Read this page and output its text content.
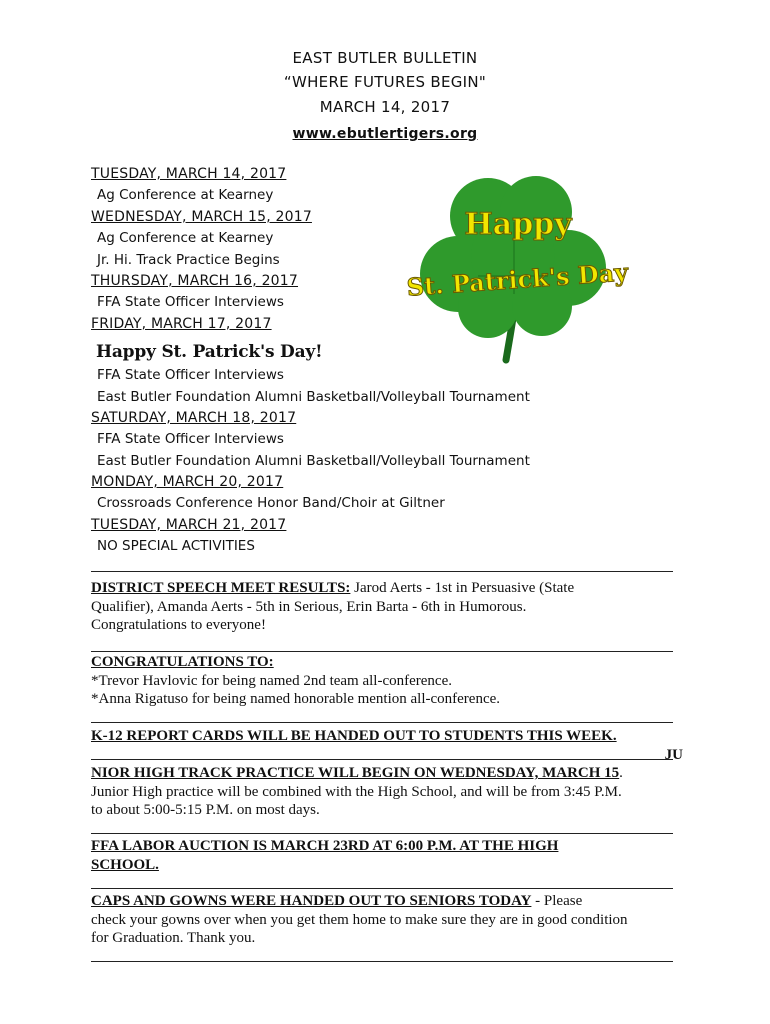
EAST BUTLER BULLETIN
“WHERE FUTURES BEGIN"
MARCH 14, 2017
www.ebutlertigers.org
Happy
St. Patrick's Day
TUESDAY, MARCH 14, 2017
Ag Conference at Kearney
WEDNESDAY, MARCH 15, 2017
Ag Conference at Kearney
Jr. Hi. Track Practice Begins
THURSDAY, MARCH 16, 2017
FFA State Officer Interviews
FRIDAY, MARCH 17, 2017
Happy St. Patrick's Day!
FFA State Officer Interviews
East Butler Foundation Alumni Basketball/Volleyball Tournament
SATURDAY, MARCH 18, 2017
FFA State Officer Interviews
East Butler Foundation Alumni Basketball/Volleyball Tournament
MONDAY, MARCH 20, 2017
Crossroads Conference Honor Band/Choir at Giltner
TUESDAY, MARCH 21, 2017
NO SPECIAL ACTIVITIES
DISTRICT SPEECH MEET RESULTS: Jarod Aerts - 1st in Persuasive (State
Qualifier), Amanda Aerts - 5th in Serious, Erin Barta - 6th in Humorous.
Congratulations to everyone!
CONGRATULATIONS TO:
*Trevor Havlovic for being named 2nd team all-conference.
*Anna Rigatuso for being named honorable mention all-conference.
K-12 REPORT CARDS WILL BE HANDED OUT TO STUDENTS THIS WEEK.
JU
NIOR HIGH TRACK PRACTICE WILL BEGIN ON WEDNESDAY, MARCH 15.
Junior High practice will be combined with the High School, and will be from 3:45 P.M.
to about 5:00-5:15 P.M. on most days.
FFA LABOR AUCTION IS MARCH 23RD AT 6:00 P.M. AT THE HIGH
SCHOOL.
CAPS AND GOWNS WERE HANDED OUT TO SENIORS TODAY - Please
check your gowns over when you get them home to make sure they are in good condition
for Graduation. Thank you.
